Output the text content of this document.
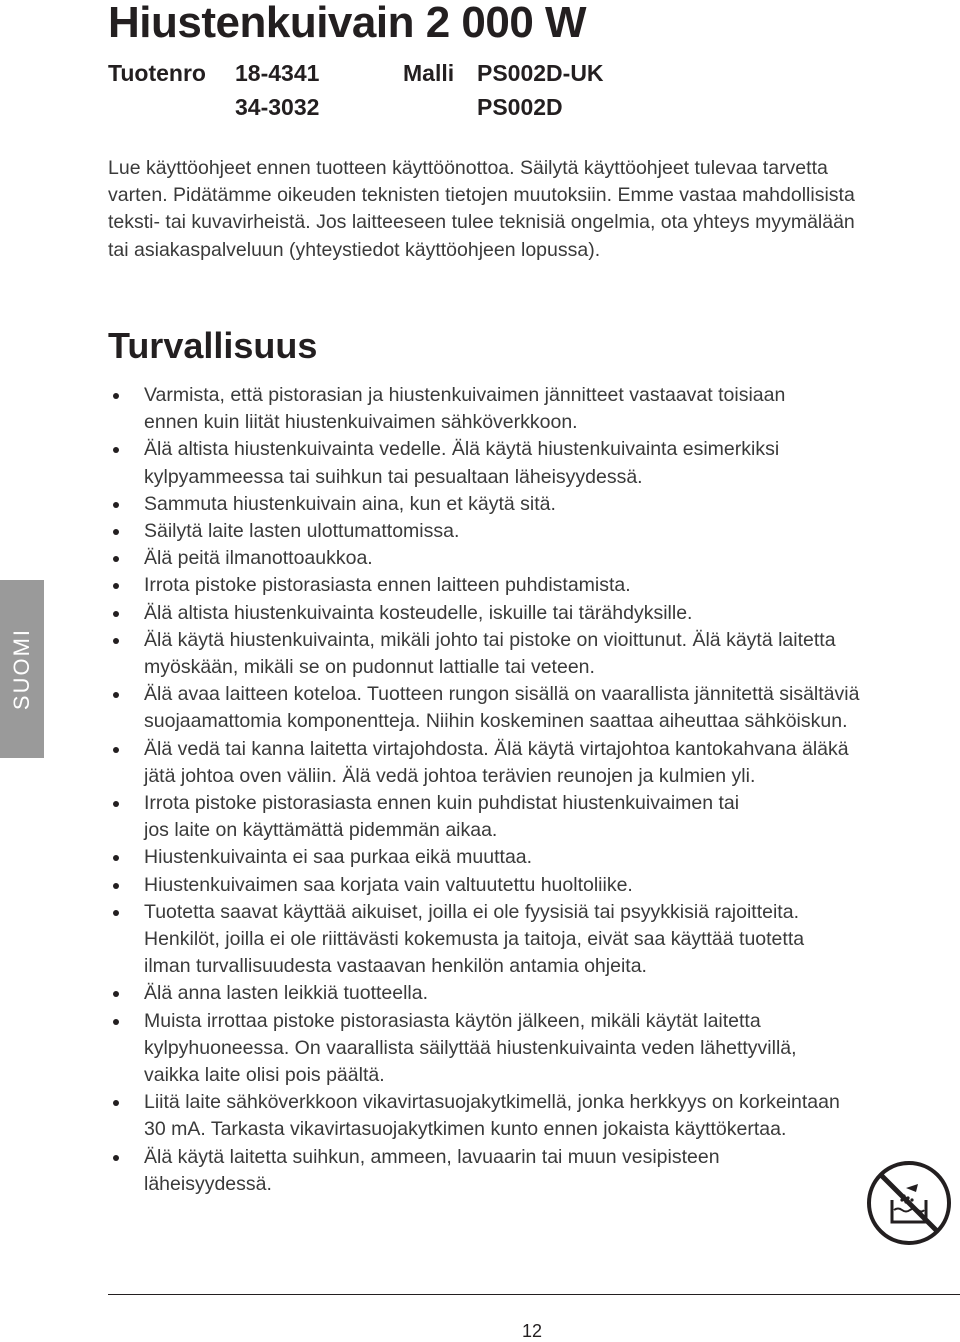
Hiustenkuivain 2 000 W
Tuotenro 18-4341
34-3032
Malli PS002D-UK
PS002D
Lue käyttöohjeet ennen tuotteen käyttöönottoa. Säilytä käyttöohjeet tulevaa tarvetta
varten. Pidätämme oikeuden teknisten tietojen muutoksiin. Emme vastaa mahdollisista
teksti- tai kuvavirheistä. Jos laitteeseen tulee teknisiä ongelmia, ota yhteys myymälään
tai asiakaspalveluun (yhteystiedot käyttöohjeen lopussa).
Turvallisuus
Varmista, että pistorasian ja hiustenkuivaimen jännitteet vastaavat toisiaan
ennen kuin liität hiustenkuivaimen sähköverkkoon.
Älä altista hiustenkuivainta vedelle. Älä käytä hiustenkuivainta esimerkiksi
kylpyammeessa tai suihkun tai pesualtaan läheisyydessä.
Sammuta hiustenkuivain aina, kun et käytä sitä.
Säilytä laite lasten ulottumattomissa.
Älä peitä ilmanottoaukkoa.
Irrota pistoke pistorasiasta ennen laitteen puhdistamista.
Älä altista hiustenkuivainta kosteudelle, iskuille tai tärähdyksille.
Älä käytä hiustenkuivainta, mikäli johto tai pistoke on vioittunut. Älä käytä laitetta
myöskään, mikäli se on pudonnut lattialle tai veteen.
Älä avaa laitteen koteloa. Tuotteen rungon sisällä on vaarallista jännitettä sisältäviä
suojaamattomia komponentteja. Niihin koskeminen saattaa aiheuttaa sähköiskun.
Älä vedä tai kanna laitetta virtajohdosta. Älä käytä virtajohtoa kantokahvana äläkä
jätä johtoa oven väliin. Älä vedä johtoa terävien reunojen ja kulmien yli.
Irrota pistoke pistorasiasta ennen kuin puhdistat hiustenkuivaimen tai
jos laite on käyttämättä pidemmän aikaa.
Hiustenkuivainta ei saa purkaa eikä muuttaa.
Hiustenkuivaimen saa korjata vain valtuutettu huoltoliike.
Tuotetta saavat käyttää aikuiset, joilla ei ole fyysisiä tai psyykkisiä rajoitteita.
Henkilöt, joilla ei ole riittävästi kokemusta ja taitoja, eivät saa käyttää tuotetta
ilman turvallisuudesta vastaavan henkilön antamia ohjeita.
Älä anna lasten leikkiä tuotteella.
Muista irrottaa pistoke pistorasiasta käytön jälkeen, mikäli käytät laitetta
kylpyhuoneessa. On vaarallista säilyttää hiustenkuivainta veden lähettyvillä,
vaikka laite olisi pois päältä.
Liitä laite sähköverkkoon vikavirtasuojakytkimellä, jonka herkkyys on korkeintaan
30 mA. Tarkasta vikavirtasuojakytkimen kunto ennen jokaista käyttökertaa.
Älä käytä laitetta suihkun, ammeen, lavuaarin tai muun vesipisteen
läheisyydessä.
SUOMI
12
